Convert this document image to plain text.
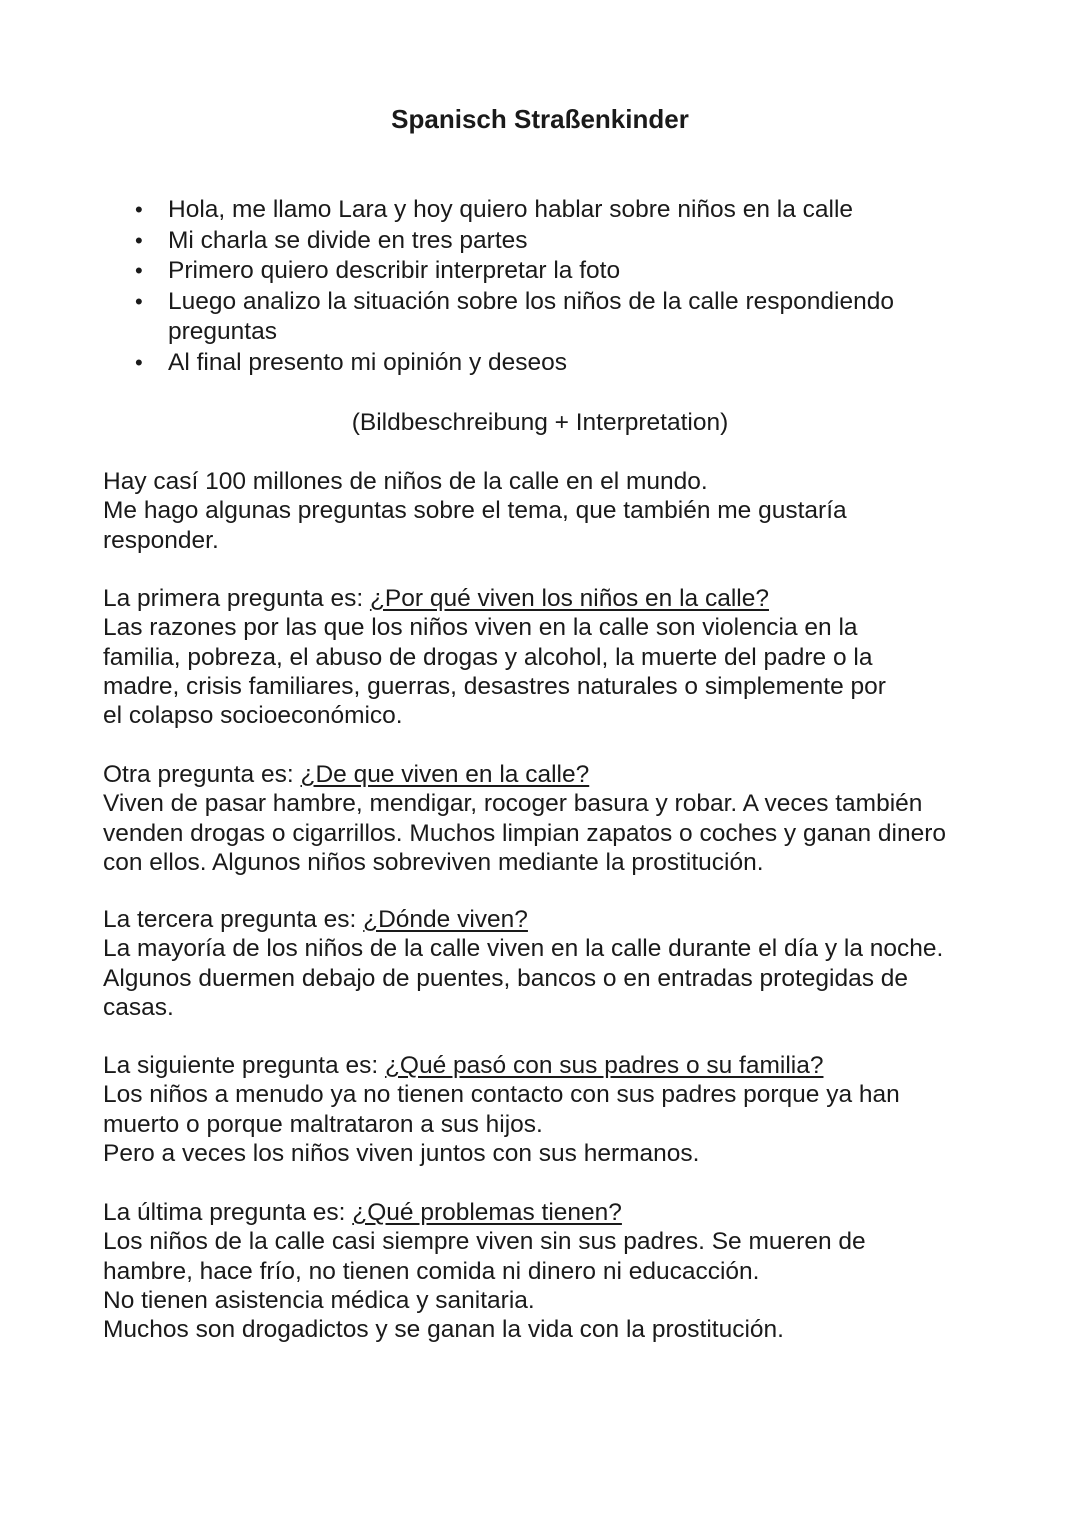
Spanisch Straßenkinder
• Hola, me llamo Lara y hoy quiero hablar sobre niños en la calle
• Mi charla se divide en tres partes
• Primero quiero describir interpretar la foto
• Luego analizo la situación sobre los niños de la calle respondiendo preguntas
• Al final presento mi opinión y deseos

(Bildbeschreibung + Interpretation)

Hay casí 100 millones de niños de la calle en el mundo.

Me hago algunas preguntas sobre el tema, que también me gustaría responder.

La primera pregunta es: ¿Por qué viven los niños en la calle?

Las razones por las que los niños viven en la calle son violencia en la familia, pobreza, el abuso de drogas y alcohol, la muerte del padre o la madre, crisis familiares, guerras, desastres naturales o simplemente por el colapso socioeconómico.

Otra pregunta es: ¿De que viven en la calle?

Viven de pasar hambre, mendigar, rocoger basura y robar. A veces también venden drogas o cigarrillos. Muchos limpian zapatos o coches y ganan dinero con ellos. Algunos niños sobreviven mediante la prostitución.

La tercera pregunta es: ¿Dónde viven?

La mayoría de los niños de la calle viven en la calle durante el día y la noche. Algunos duermen debajo de puentes, bancos o en entradas protegidas de casas.

La siguiente pregunta es: ¿Qué pasó con sus padres o su familia?

Los niños a menudo ya no tienen contacto con sus padres porque ya han muerto o porque maltrataron a sus hijos.

Pero a veces los niños viven juntos con sus hermanos.

La última pregunta es: ¿Qué problemas tienen?

Los niños de la calle casi siempre viven sin sus padres. Se mueren de hambre, hace frío, no tienen comida ni dinero ni educacción.

No tienen asistencia médica y sanitaria.

Muchos son drogadictos y se ganan la vida con la prostitución.
